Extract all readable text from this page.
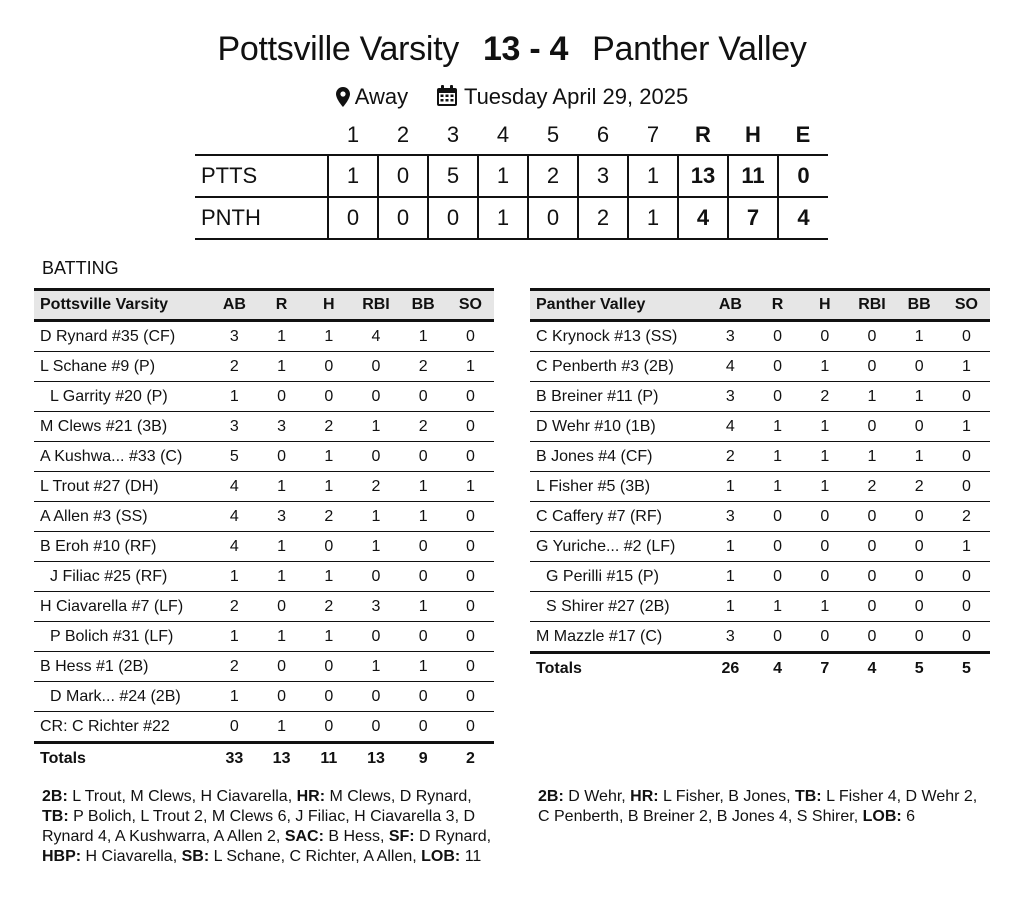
Pottsville Varsity 13 - 4 Panther Valley
Away	Tuesday April 29, 2025
	1	2	3	4	5	6	7	R	H	E
PTTS	1	0	5	1	2	3	1	13	11	0
PNTH	0	0	0	1	0	2	1	4	7	4
BATTING
Pottsville Varsity	AB	R	H	RBI	BB	SO
D Rynard #35 (CF)	3	1	1	4	1	0
L Schane #9 (P)	2	1	0	0	2	1
L Garrity #20 (P)	1	0	0	0	0	0
M Clews #21 (3B)	3	3	2	1	2	0
A Kushwa... #33 (C)	5	0	1	0	0	0
L Trout #27 (DH)	4	1	1	2	1	1
A Allen #3 (SS)	4	3	2	1	1	0
B Eroh #10 (RF)	4	1	0	1	0	0
J Filiac #25 (RF)	1	1	1	0	0	0
H Ciavarella #7 (LF)	2	0	2	3	1	0
P Bolich #31 (LF)	1	1	1	0	0	0
B Hess #1 (2B)	2	0	0	1	1	0
D Mark... #24 (2B)	1	0	0	0	0	0
CR: C Richter #22	0	1	0	0	0	0
Totals	33	13	11	13	9	2
Panther Valley	AB	R	H	RBI	BB	SO
C Krynock #13 (SS)	3	0	0	0	1	0
C Penberth #3 (2B)	4	0	1	0	0	1
B Breiner #11 (P)	3	0	2	1	1	0
D Wehr #10 (1B)	4	1	1	0	0	1
B Jones #4 (CF)	2	1	1	1	1	0
L Fisher #5 (3B)	1	1	1	2	2	0
C Caffery #7 (RF)	3	0	0	0	0	2
G Yuriche... #2 (LF)	1	0	0	0	0	1
G Perilli #15 (P)	1	0	0	0	0	0
S Shirer #27 (2B)	1	1	1	0	0	0
M Mazzle #17 (C)	3	0	0	0	0	0
Totals	26	4	7	4	5	5
2B: L Trout, M Clews, H Ciavarella, HR: M Clews, D Rynard, TB: P Bolich, L Trout 2, M Clews 6, J Filiac, H Ciavarella 3, D Rynard 4, A Kushwarra, A Allen 2, SAC: B Hess, SF: D Rynard, HBP: H Ciavarella, SB: L Schane, C Richter, A Allen, LOB: 11
2B: D Wehr, HR: L Fisher, B Jones, TB: L Fisher 4, D Wehr 2, C Penberth, B Breiner 2, B Jones 4, S Shirer, LOB: 6
